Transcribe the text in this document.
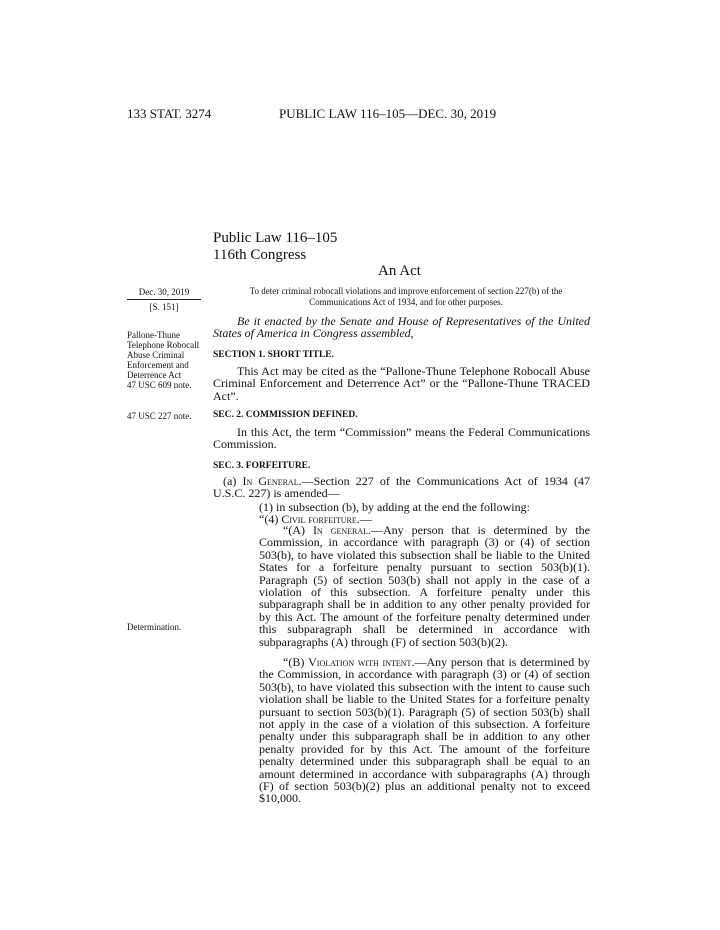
133 STAT. 3274	PUBLIC LAW 116–105—DEC. 30, 2019
Public Law 116–105
116th Congress
An Act
Dec. 30, 2019
[S. 151]
To deter criminal robocall violations and improve enforcement of section 227(b) of the Communications Act of 1934, and for other purposes.
Pallone-Thune Telephone Robocall Abuse Criminal Enforcement and Deterrence Act
47 USC 609 note.
47 USC 227 note.
Determination.
Be it enacted by the Senate and House of Representatives of the United States of America in Congress assembled,
SECTION 1. SHORT TITLE.
This Act may be cited as the “Pallone-Thune Telephone Robocall Abuse Criminal Enforcement and Deterrence Act” or the “Pallone-Thune TRACED Act”.
SEC. 2. COMMISSION DEFINED.
In this Act, the term “Commission” means the Federal Communications Commission.
SEC. 3. FORFEITURE.
(a) In General.—Section 227 of the Communications Act of 1934 (47 U.S.C. 227) is amended—
(1) in subsection (b), by adding at the end the following:
“(4) Civil forfeiture.—
“(A) In general.—Any person that is determined by the Commission, in accordance with paragraph (3) or (4) of section 503(b), to have violated this subsection shall be liable to the United States for a forfeiture penalty pursuant to section 503(b)(1). Paragraph (5) of section 503(b) shall not apply in the case of a violation of this subsection. A forfeiture penalty under this subparagraph shall be in addition to any other penalty provided for by this Act. The amount of the forfeiture penalty determined under this subparagraph shall be determined in accordance with subparagraphs (A) through (F) of section 503(b)(2).
“(B) Violation with intent.—Any person that is determined by the Commission, in accordance with paragraph (3) or (4) of section 503(b), to have violated this subsection with the intent to cause such violation shall be liable to the United States for a forfeiture penalty pursuant to section 503(b)(1). Paragraph (5) of section 503(b) shall not apply in the case of a violation of this subsection. A forfeiture penalty under this subparagraph shall be in addition to any other penalty provided for by this Act. The amount of the forfeiture penalty determined under this subparagraph shall be equal to an amount determined in accordance with subparagraphs (A) through (F) of section 503(b)(2) plus an additional penalty not to exceed $10,000.
